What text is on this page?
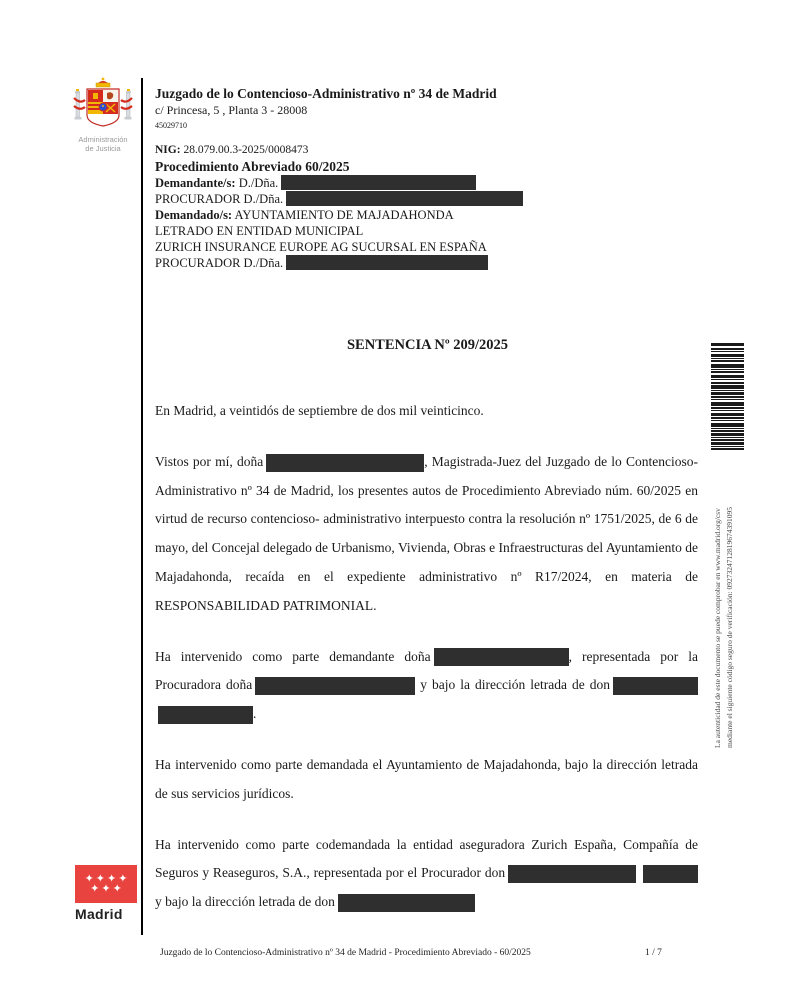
Administración
de Justicia
Juzgado de lo Contencioso-Administrativo nº 34 de Madrid
c/ Princesa, 5 , Planta 3 - 28008
45029710
NIG: 28.079.00.3-2025/0008473
Procedimiento Abreviado 60/2025
Demandante/s: D./Dña.
PROCURADOR D./Dña.
Demandado/s: AYUNTAMIENTO DE MAJADAHONDA
LETRADO EN ENTIDAD MUNICIPAL
ZURICH INSURANCE EUROPE AG SUCURSAL EN ESPAÑA
PROCURADOR D./Dña.
SENTENCIA Nº 209/2025

En Madrid, a veintidós de septiembre de dos mil veinticinco.

Vistos por mí, doña	, Magistrada-Juez del Juzgado de lo Contencioso-Administrativo nº 34 de Madrid, los presentes autos de Procedimiento Abreviado núm. 60/2025 en virtud de recurso contencioso- administrativo interpuesto contra la resolución nº 1751/2025, de 6 de mayo, del Concejal delegado de Urbanismo, Vivienda, Obras e Infraestructuras del Ayuntamiento de Majadahonda, recaída en el expediente administrativo nº R17/2024, en materia de RESPONSABILIDAD PATRIMONIAL.

Ha intervenido como parte demandante doña	, representada por la Procuradora doña	y bajo la dirección letrada de don .

Ha intervenido como parte demandada el Ayuntamiento de Majadahonda, bajo la dirección letrada de sus servicios jurídicos.

Ha intervenido como parte codemandada la entidad aseguradora Zurich España, Compañía de Seguros y Reaseguros, S.A., representada por el Procurador don  y bajo la dirección letrada de don

La autenticidad de este documento se puede comprobar en www.madrid.org/csv mediante el siguiente código seguro de verificación: 0927324712819674391095
✦✦✦✦
✦✦✦
Madrid
Juzgado de lo Contencioso-Administrativo nº 34 de Madrid - Procedimiento Abreviado - 60/2025	1 / 7
